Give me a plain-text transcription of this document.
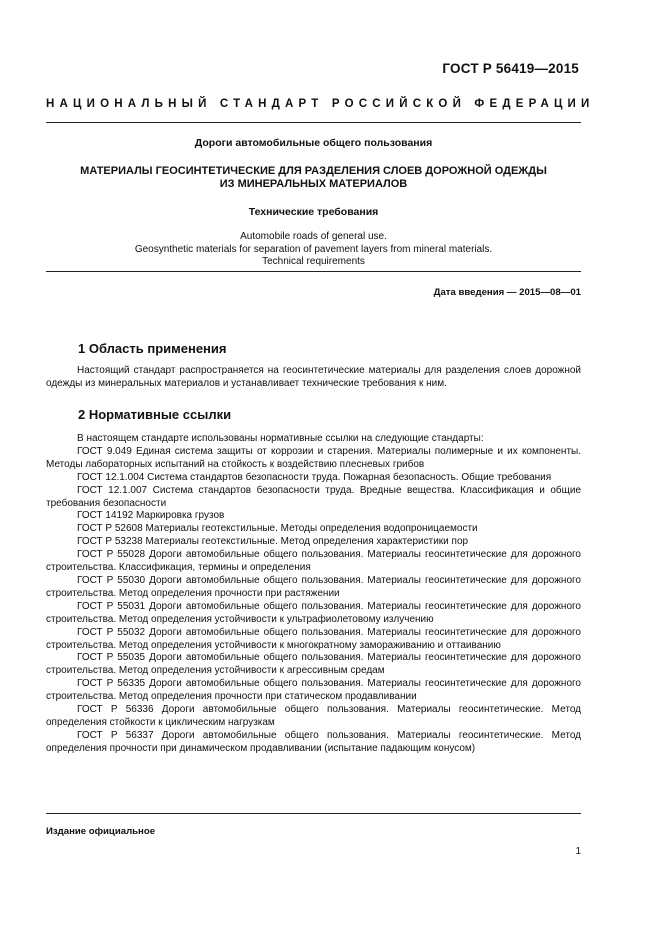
ГОСТ Р 56419—2015
НАЦИОНАЛЬНЫЙ СТАНДАРТ РОССИЙСКОЙ ФЕДЕРАЦИИ
Дороги автомобильные общего пользования
МАТЕРИАЛЫ ГЕОСИНТЕТИЧЕСКИЕ ДЛЯ РАЗДЕЛЕНИЯ СЛОЕВ ДОРОЖНОЙ ОДЕЖДЫ
ИЗ МИНЕРАЛЬНЫХ МАТЕРИАЛОВ
Технические требования
Automobile roads of general use.
Geosynthetic materials for separation of pavement layers from mineral materials.
Technical requirements
Дата введения — 2015—08—01
1 Область применения

Настоящий стандарт распространяется на геосинтетические материалы для разделения слоев дорожной одежды из минеральных материалов и устанавливает технические требования к ним.

2 Нормативные ссылки

В настоящем стандарте использованы нормативные ссылки на следующие стандарты:

ГОСТ 9.049 Единая система защиты от коррозии и старения. Материалы полимерные и их компоненты. Методы лабораторных испытаний на стойкость к воздействию плесневых грибов

ГОСТ 12.1.004 Система стандартов безопасности труда. Пожарная безопасность. Общие требования

ГОСТ 12.1.007 Система стандартов безопасности труда. Вредные вещества. Классификация и общие требования безопасности

ГОСТ 14192 Маркировка грузов

ГОСТ Р 52608 Материалы геотекстильные. Методы определения водопроницаемости

ГОСТ Р 53238 Материалы геотекстильные. Метод определения характеристики пор

ГОСТ Р 55028 Дороги автомобильные общего пользования. Материалы геосинтетические для дорожного строительства. Классификация, термины и определения

ГОСТ Р 55030 Дороги автомобильные общего пользования. Материалы геосинтетические для дорожного строительства. Метод определения прочности при растяжении

ГОСТ Р 55031 Дороги автомобильные общего пользования. Материалы геосинтетические для дорожного строительства. Метод определения устойчивости к ультрафиолетовому излучению

ГОСТ Р 55032 Дороги автомобильные общего пользования. Материалы геосинтетические для дорожного строительства. Метод определения устойчивости к многократному замораживанию и оттаиванию

ГОСТ Р 55035 Дороги автомобильные общего пользования. Материалы геосинтетические для дорожного строительства. Метод определения устойчивости к агрессивным средам

ГОСТ Р 56335 Дороги автомобильные общего пользования. Материалы геосинтетические для дорожного строительства. Метод определения прочности при статическом продавливании

ГОСТ Р 56336 Дороги автомобильные общего пользования. Материалы геосинтетические. Метод определения стойкости к циклическим нагрузкам

ГОСТ Р 56337 Дороги автомобильные общего пользования. Материалы геосинтетические. Метод определения прочности при динамическом продавливании (испытание падающим конусом)

Издание официальное
1
